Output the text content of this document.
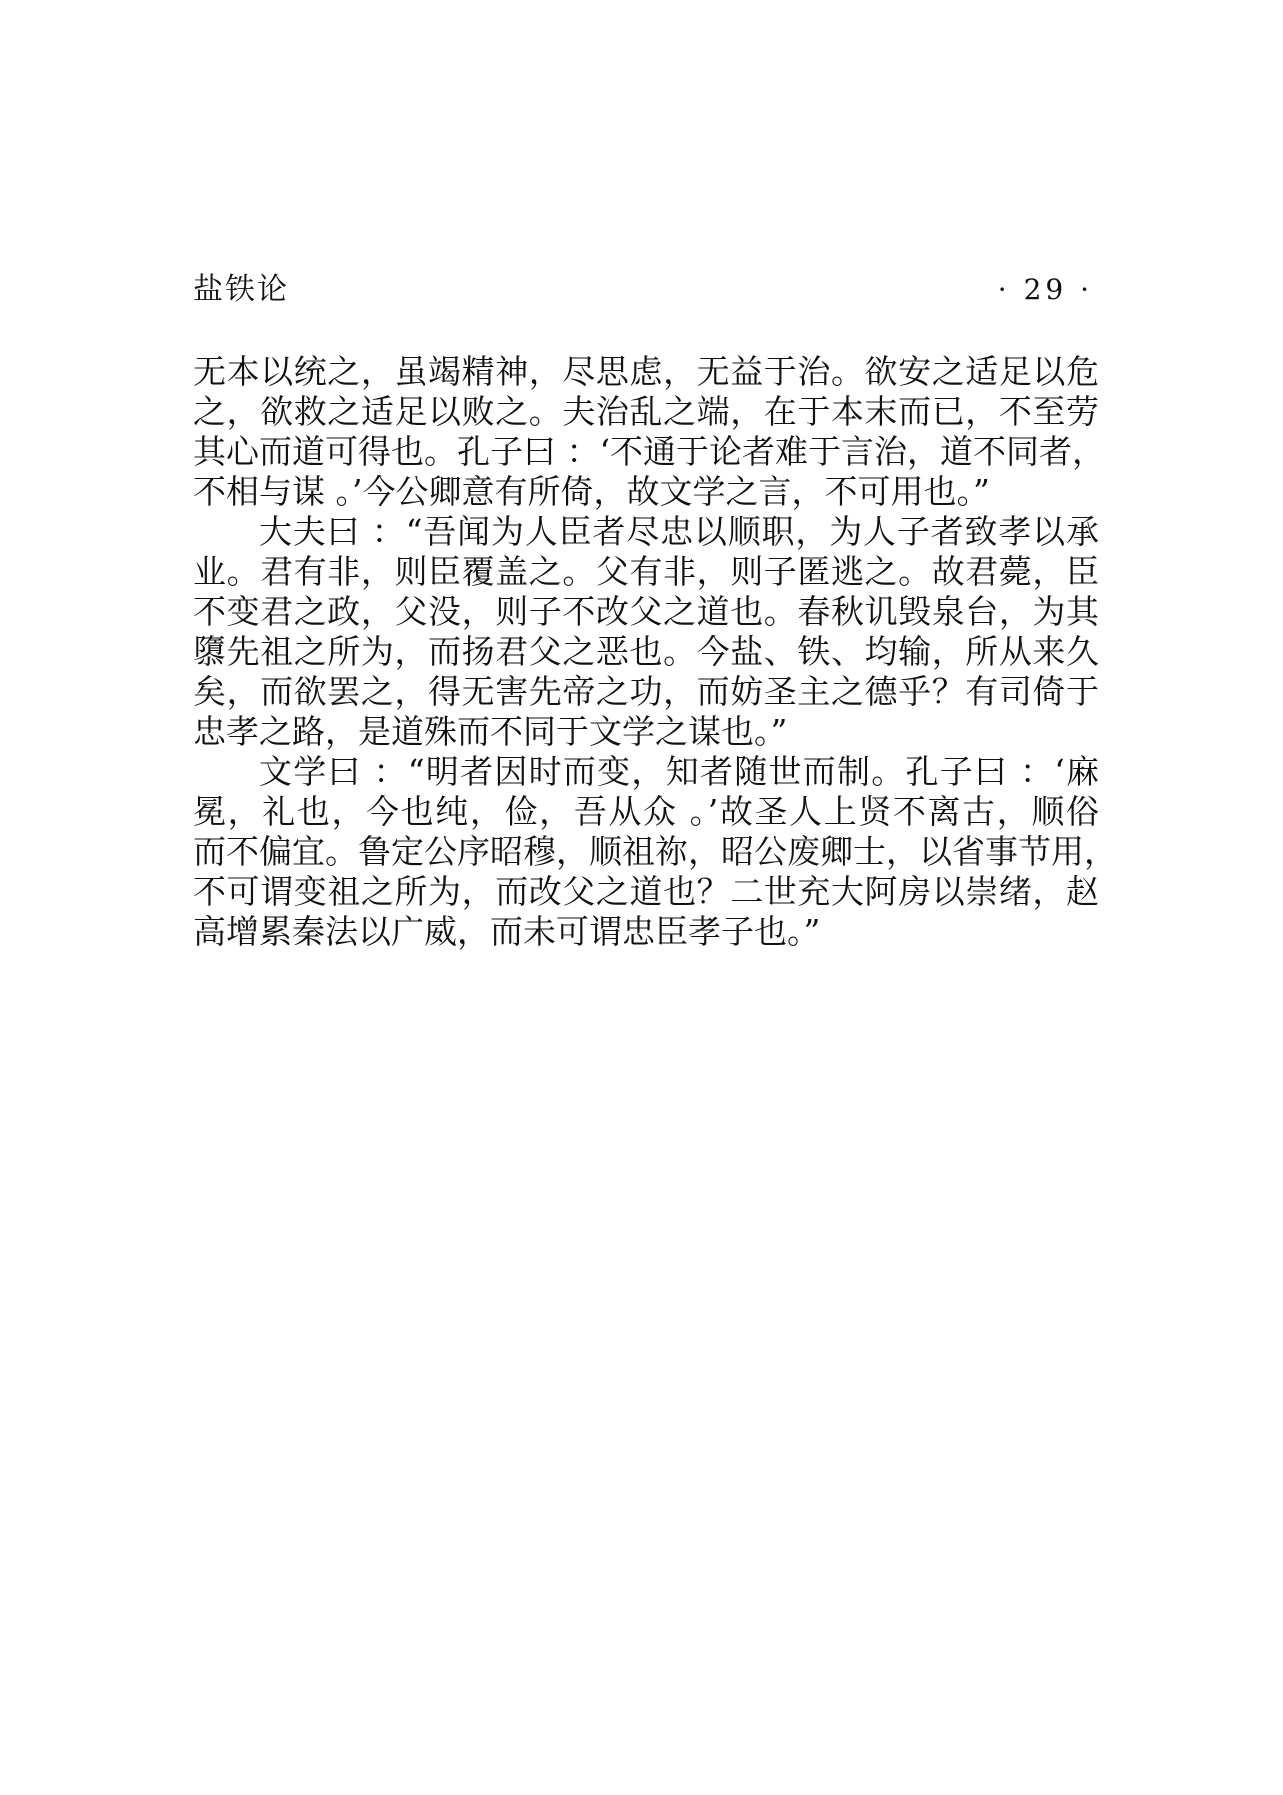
盐铁论	· 29 ·
无本以统之，虽竭精神，尽思虑，无益于治。欲安之适足以危
之，欲救之适足以败之。夫治乱之端，在于本末而已，不至劳
其心而道可得也。孔子曰 ：‘不通于论者难于言治，道不同者，
不相与谋 。’今公卿意有所倚，故文学之言，不可用也。”
大夫曰 ：“吾闻为人臣者尽忠以顺职，为人子者致孝以承
业。君有非，则臣覆盖之。父有非，则子匿逃之。故君薨，臣
不变君之政，父没，则子不改父之道也。春秋讥毁泉台，为其
隳先祖之所为，而扬君父之恶也。今盐、铁、均输，所从来久
矣，而欲罢之，得无害先帝之功，而妨圣主之德乎？有司倚于
忠孝之路，是道殊而不同于文学之谋也。”
文学曰 ：“明者因时而变，知者随世而制。孔子曰 ：‘麻
冕，礼也，今也纯，俭，吾从众 。’故圣人上贤不离古，顺俗
而不偏宜。鲁定公序昭穆，顺祖祢，昭公废卿士，以省事节用，
不可谓变祖之所为，而改父之道也？二世充大阿房以崇绪，赵
高增累秦法以广威，而未可谓忠臣孝子也。”
